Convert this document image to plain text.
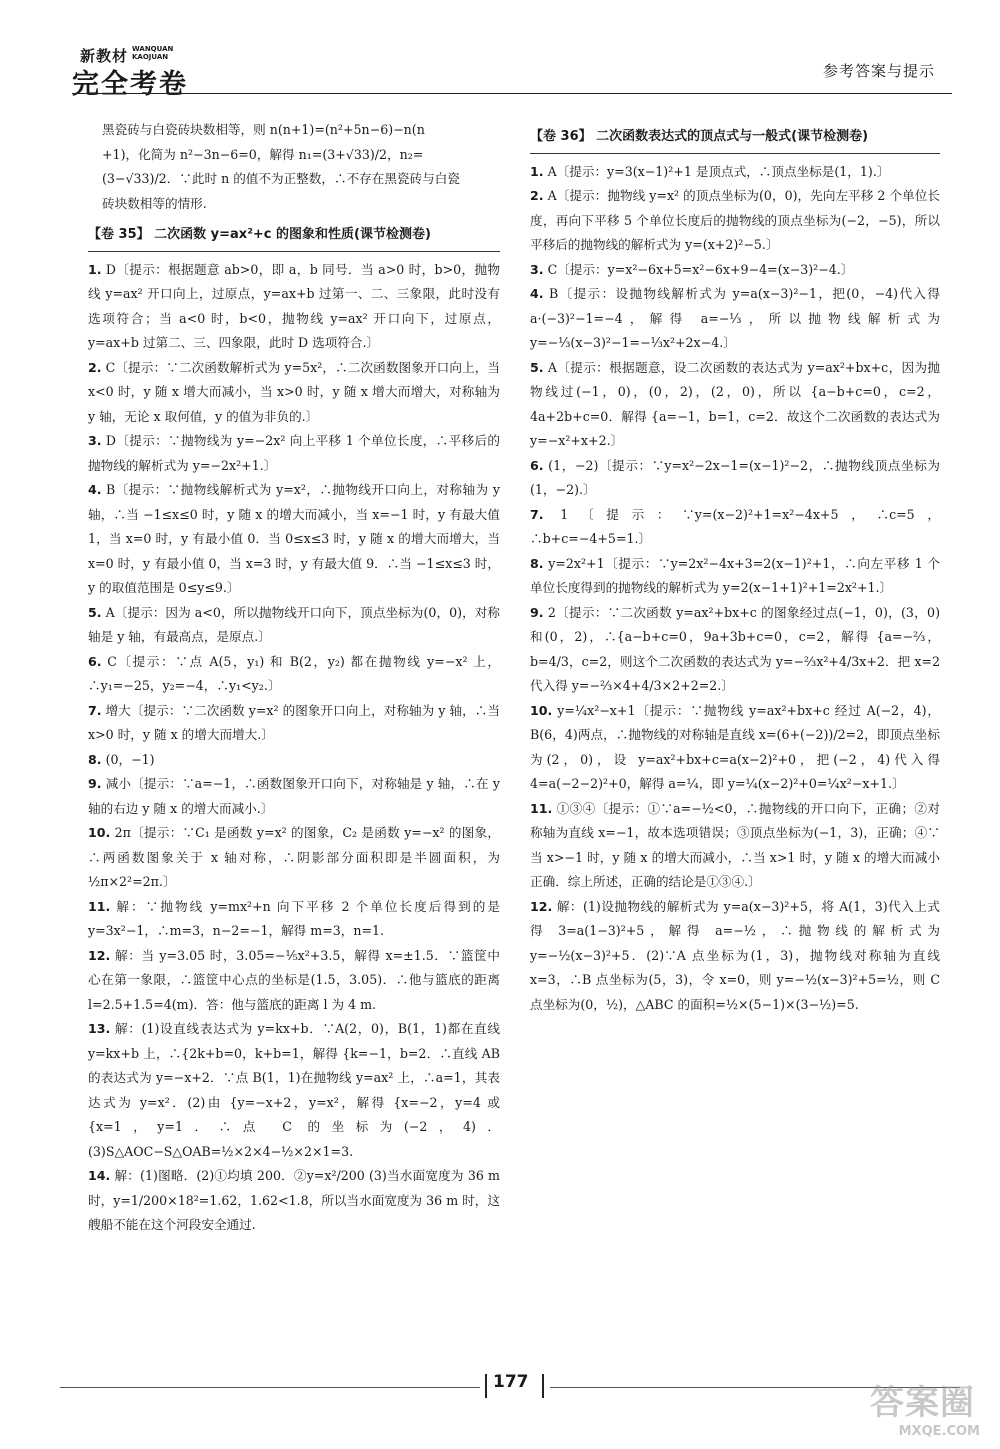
新教材 WANQUAN
KAOJUAN
完全考卷	参考答案与提示

黑瓷砖与白瓷砖块数相等，则 n(n+1)=(n²+5n−6)−n(n

+1)，化简为 n²−3n−6=0，解得 n₁=(3+√33)/2，n₂=

(3−√33)/2．∵此时 n 的值不为正整数，∴不存在黑瓷砖与白瓷

砖块数相等的情形.

【卷 35】 二次函数 y=ax²+c 的图象和性质(课节检测卷)

1. D〔提示：根据题意 ab>0，即 a，b 同号．当 a>0 时，b>0，抛物线 y=ax² 开口向上，过原点，y=ax+b 过第一、二、三象限，此时没有选项符合；当 a<0 时，b<0，抛物线 y=ax² 开口向下，过原点，y=ax+b 过第二、三、四象限，此时 D 选项符合.〕

2. C〔提示：∵二次函数解析式为 y=5x²，∴二次函数图象开口向上，当 x<0 时，y 随 x 增大而减小，当 x>0 时，y 随 x 增大而增大，对称轴为 y 轴，无论 x 取何值，y 的值为非负的.〕

3. D〔提示：∵抛物线为 y=−2x² 向上平移 1 个单位长度，∴平移后的抛物线的解析式为 y=−2x²+1.〕

4. B〔提示：∵抛物线解析式为 y=x²，∴抛物线开口向上，对称轴为 y 轴，∴当 −1≤x≤0 时，y 随 x 的增大而减小，当 x=−1 时，y 有最大值 1，当 x=0 时，y 有最小值 0．当 0≤x≤3 时，y 随 x 的增大而增大，当 x=0 时，y 有最小值 0，当 x=3 时，y 有最大值 9．∴当 −1≤x≤3 时，y 的取值范围是 0≤y≤9.〕

5. A〔提示：因为 a<0，所以抛物线开口向下，顶点坐标为(0，0)，对称轴是 y 轴，有最高点，是原点.〕

6. C〔提示：∵点 A(5，y₁) 和 B(2，y₂) 都在抛物线 y=−x² 上，∴y₁=−25，y₂=−4，∴y₁<y₂.〕

7. 增大〔提示：∵二次函数 y=x² 的图象开口向上，对称轴为 y 轴，∴当 x>0 时，y 随 x 的增大而增大.〕

8. (0，−1)

9. 减小〔提示：∵a=−1，∴函数图象开口向下，对称轴是 y 轴，∴在 y 轴的右边 y 随 x 的增大而减小.〕

10. 2π〔提示：∵C₁ 是函数 y=x² 的图象，C₂ 是函数 y=−x² 的图象，∴两函数图象关于 x 轴对称，∴阴影部分面积即是半圆面积，为 ½π×2²=2π.〕

11. 解：∵抛物线 y=mx²+n 向下平移 2 个单位长度后得到的是 y=3x²−1，∴m=3，n−2=−1，解得 m=3，n=1.

12. 解：当 y=3.05 时，3.05=−⅕x²+3.5，解得 x=±1.5．∵篮筐中心在第一象限，∴篮筐中心点的坐标是(1.5，3.05)．∴他与篮底的距离 l=2.5+1.5=4(m)．答：他与篮底的距离 l 为 4 m.

13. 解：(1)设直线表达式为 y=kx+b．∵A(2，0)，B(1，1)都在直线 y=kx+b 上，∴{2k+b=0，k+b=1，解得 {k=−1，b=2．∴直线 AB 的表达式为 y=−x+2．∵点 B(1，1)在抛物线 y=ax² 上，∴a=1，其表达式为 y=x²．(2)由 {y=−x+2，y=x²，解得 {x=−2，y=4 或 {x=1，y=1．∴点 C 的坐标为(−2，4)．(3)S△AOC−S△OAB=½×2×4−½×2×1=3.

14. 解：(1)图略．(2)①均填 200．②y=x²/200 (3)当水面宽度为 36 m 时，y=1/200×18²=1.62，1.62<1.8，所以当水面宽度为 36 m 时，这艘船不能在这个河段安全通过.

【卷 36】 二次函数表达式的顶点式与一般式(课节检测卷)

1. A〔提示：y=3(x−1)²+1 是顶点式，∴顶点坐标是(1，1).〕

2. A〔提示：抛物线 y=x² 的顶点坐标为(0，0)，先向左平移 2 个单位长度，再向下平移 5 个单位长度后的抛物线的顶点坐标为(−2，−5)，所以平移后的抛物线的解析式为 y=(x+2)²−5.〕

3. C〔提示：y=x²−6x+5=x²−6x+9−4=(x−3)²−4.〕

4. B〔提示：设抛物线解析式为 y=a(x−3)²−1，把(0，−4)代入得 a·(−3)²−1=−4，解得 a=−⅓，所以抛物线解析式为 y=−⅓(x−3)²−1=−⅓x²+2x−4.〕

5. A〔提示：根据题意，设二次函数的表达式为 y=ax²+bx+c，因为抛物线过(−1，0)，(0，2)，(2，0)，所以 {a−b+c=0，c=2，4a+2b+c=0．解得 {a=−1，b=1，c=2．故这个二次函数的表达式为 y=−x²+x+2.〕

6. (1，−2)〔提示：∵y=x²−2x−1=(x−1)²−2，∴抛物线顶点坐标为(1，−2).〕

7. 1〔提示：∵y=(x−2)²+1=x²−4x+5，∴c=5，∴b+c=−4+5=1.〕

8. y=2x²+1〔提示：∵y=2x²−4x+3=2(x−1)²+1，∴向左平移 1 个单位长度得到的抛物线的解析式为 y=2(x−1+1)²+1=2x²+1.〕

9. 2〔提示：∵二次函数 y=ax²+bx+c 的图象经过点(−1，0)，(3，0)和(0，2)，∴{a−b+c=0，9a+3b+c=0，c=2，解得 {a=−⅔，b=4/3，c=2，则这个二次函数的表达式为 y=−⅔x²+4/3x+2．把 x=2 代入得 y=−⅔×4+4/3×2+2=2.〕

10. y=¼x²−x+1〔提示：∵抛物线 y=ax²+bx+c 经过 A(−2，4)，B(6，4)两点，∴抛物线的对称轴是直线 x=(6+(−2))/2=2，即顶点坐标为(2，0)，设 y=ax²+bx+c=a(x−2)²+0，把(−2，4)代入得 4=a(−2−2)²+0，解得 a=¼，即 y=¼(x−2)²+0=¼x²−x+1.〕

11. ①③④〔提示：①∵a=−½<0，∴抛物线的开口向下，正确；②对称轴为直线 x=−1，故本选项错误；③顶点坐标为(−1，3)，正确；④∵当 x>−1 时，y 随 x 的增大而减小，∴当 x>1 时，y 随 x 的增大而减小正确．综上所述，正确的结论是①③④.〕

12. 解：(1)设抛物线的解析式为 y=a(x−3)²+5，将 A(1，3)代入上式得 3=a(1−3)²+5，解得 a=−½，∴抛物线的解析式为 y=−½(x−3)²+5．(2)∵A 点坐标为(1，3)，抛物线对称轴为直线 x=3，∴B 点坐标为(5，3)，令 x=0，则 y=−½(x−3)²+5=½，则 C 点坐标为(0，½)，△ABC 的面积=½×(5−1)×(3−½)=5.

177
答案圈
MXQE.COM
